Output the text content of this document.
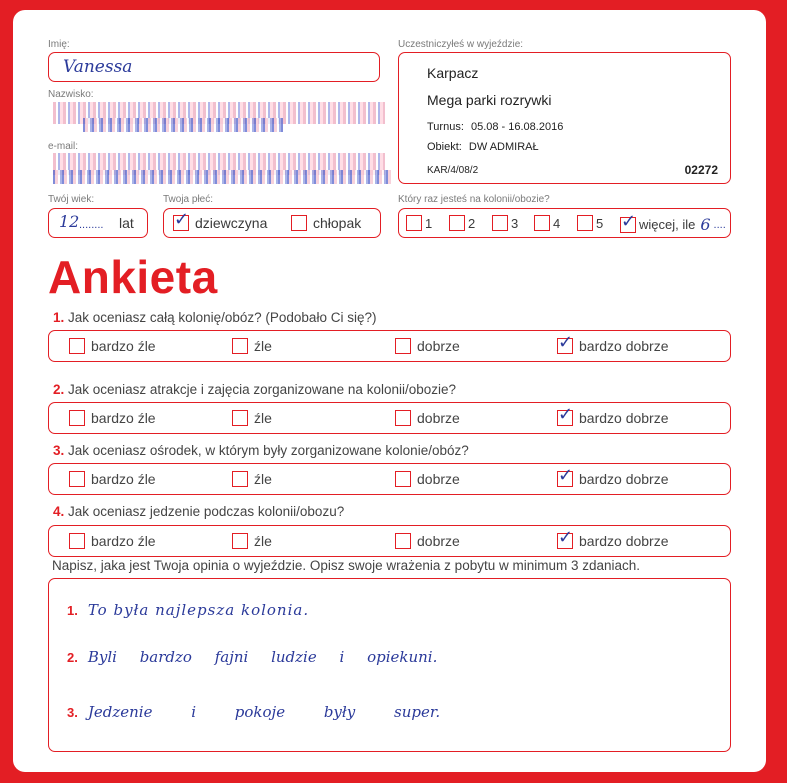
Imię:
Vanessa
Nazwisko:
e-mail:
Twój wiek:
12 ........ lat
Twoja płeć:
✓ dziewczyna	chłopak
Uczestniczyłeś w wyjeździe:
Karpacz
Mega parki rozrywki
Turnus: 05.08 - 16.08.2016
Obiekt: DW ADMIRAŁ
KAR/4/08/2	02272
Który raz jesteś na kolonii/obozie?
1	2	3	4	5 ✓ więcej, ile 6 ....
Ankieta
1. Jak oceniasz całą kolonię/obóz? (Podobało Ci się?)
bardzo źle	źle	dobrze	✓ bardzo dobrze
2. Jak oceniasz atrakcje i zajęcia zorganizowane na kolonii/obozie?
bardzo źle	źle	dobrze	✓ bardzo dobrze
3. Jak oceniasz ośrodek, w którym były zorganizowane kolonie/obóz?
bardzo źle	źle	dobrze	✓ bardzo dobrze
4. Jak oceniasz jedzenie podczas kolonii/obozu?
bardzo źle	źle	dobrze	✓ bardzo dobrze
Napisz, jaka jest Twoja opinia o wyjeździe. Opisz swoje wrażenia z pobytu w minimum 3 zdaniach.
1. To była najlepsza kolonia.
2. Byli bardzo fajni ludzie i opiekuni.
3. Jedzenie i pokoje były super.
